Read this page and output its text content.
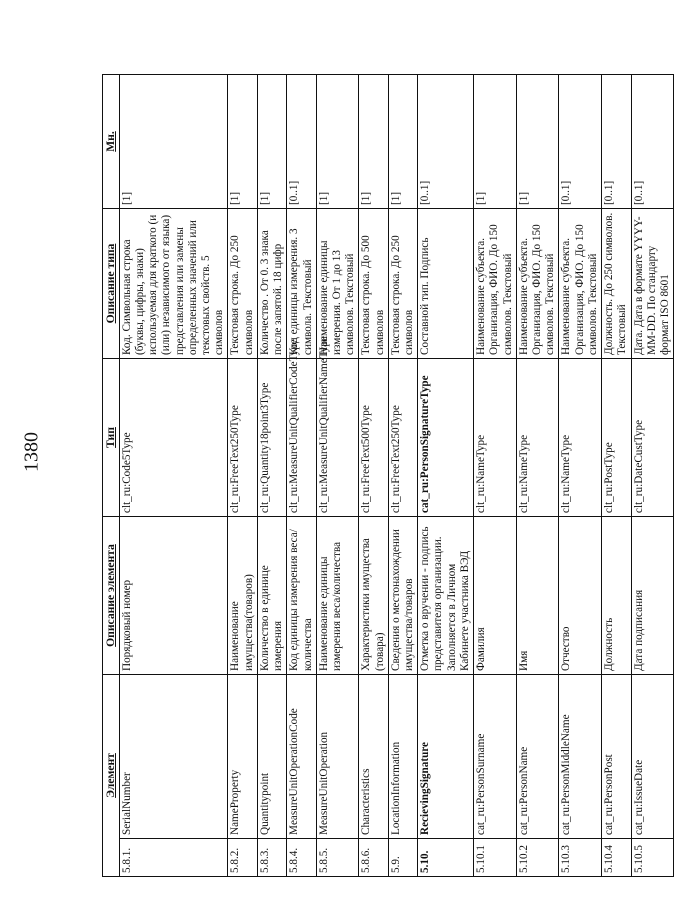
1380
Элемент		Описание элемента	Тип	Описание типа	Мн.
5.8.1.	SerialNumber	Порядковый номер	clt_ru:Code5Type	Код. Символьная строка (буквы, цифры, знаки) используемая для краткого (и (или) независимого от языка) представления или замены определенных значений или текстовых свойств. 5 символов	[1]
5.8.2.	NameProperty	Наименование имущества(товаров)	clt_ru:FreeText250Type	Текстовая строка. До 250 символов	[1]
5.8.3.	Quantitypoint	Количество в единице измерения	clt_ru:Quantity18point3Type	Количество . От 0. 3 знака после запятой. 18 цифр	[1]
5.8.4.	MeasureUnitOperationCode	Код единицы измерения веса/количества	clt_ru:MeasureUnitQualifierCodeType	Код единицы измерения. 3 символа. Текстовый	[0..1]
5.8.5.	MeasureUnitOperation	Наименование единицы измерения веса/количества	clt_ru:MeasureUnitQualifierNameType	Наименование единицы измерения. От 1 до 13 символов. Текстовый	[1]
5.8.6.	Characteristics	Характеристики имущества (товара)	clt_ru:FreeText500Type	Текстовая строка. До 500 символов	[1]
5.9.	LocationInformation	Сведения о местонахождении имущества/товаров	clt_ru:FreeText250Type	Текстовая строка. До 250 символов	[1]
5.10.	RecievingSignature	Отметка о вручении - подпись представителя организации. Заполняется в Личном Кабинете участника ВЭД	cat_ru:PersonSignatureType	Составной тип. Подпись	[0..1]
5.10.1	cat_ru:PersonSurname	Фамилия	clt_ru:NameType	Наименование субъекта. Организация, ФИО. До 150 символов. Текстовый	[1]
5.10.2	cat_ru:PersonName	Имя	clt_ru:NameType	Наименование субъекта. Организация, ФИО. До 150 символов. Текстовый	[1]
5.10.3	cat_ru:PersonMiddleName	Отчество	clt_ru:NameType	Наименование субъекта. Организация, ФИО. До 150 символов. Текстовый	[0..1]
5.10.4	cat_ru:PersonPost	Должность	clt_ru:PostType	Должность. До 250 символов. Текстовый	[0..1]
5.10.5	cat_ru:IssueDate	Дата подписания	clt_ru:DateCustType	Дата. Дата в формате YYYY-MM-DD. По стандарту формат ISO 8601	[0..1]
